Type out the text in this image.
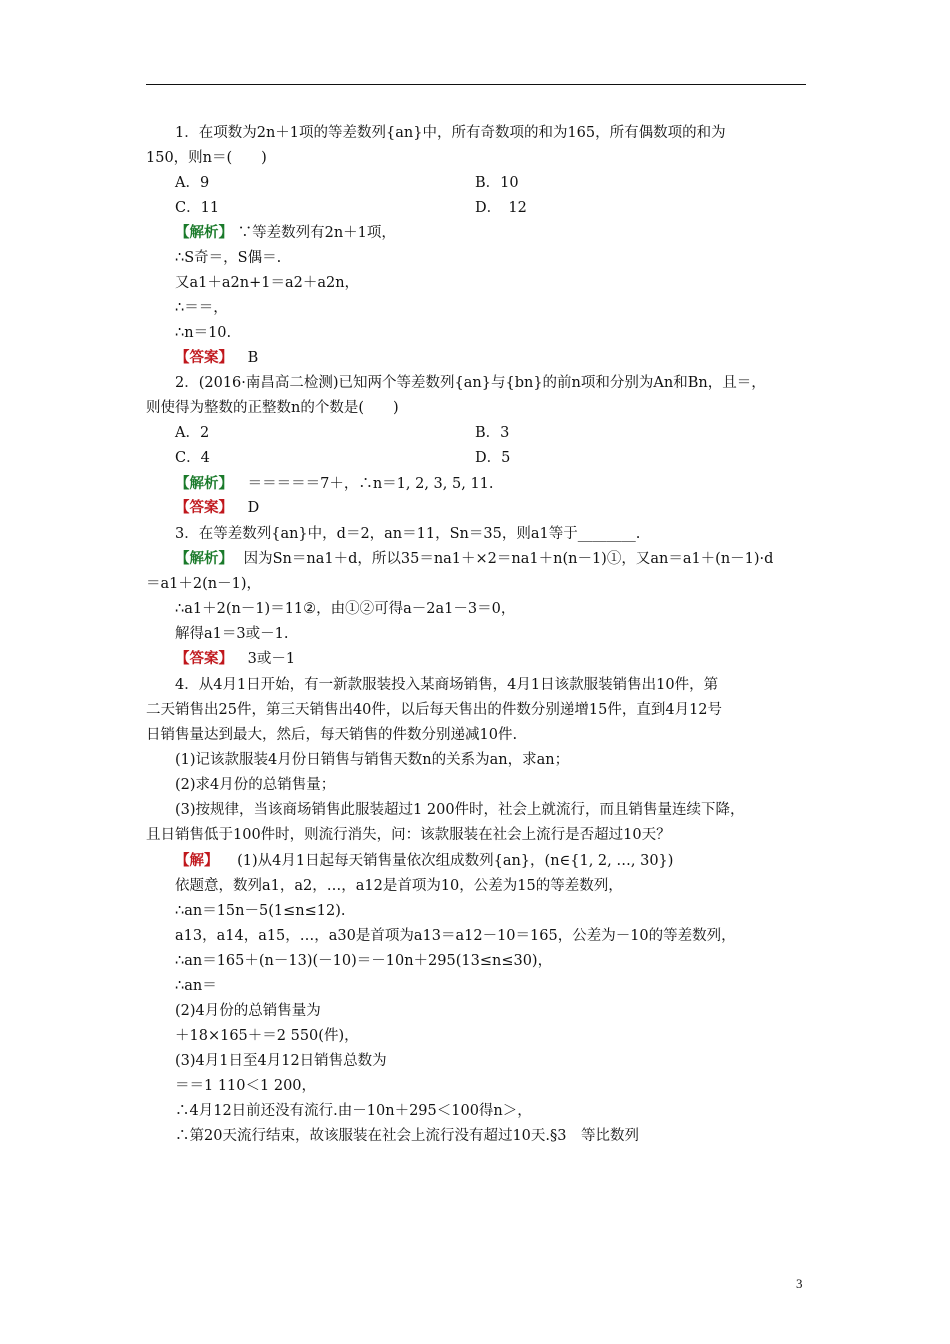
1．在项数为2n＋1项的等差数列{an}中，所有奇数项的和为165，所有偶数项的和为
150，则n＝(　　)
A．9	B．10
C．11	D．　12
【解析】 ∵等差数列有2n＋1项，
∴S奇＝，S偶＝.
又a1＋a2n+1＝a2＋a2n，
∴＝＝，
∴n＝10.
【答案】 B
2．(2016·南昌高二检测)已知两个等差数列{an}与{bn}的前n项和分别为An和Bn，且＝，
则使得为整数的正整数n的个数是(　　)
A．2	B．3
C．4	D．5
【解析】 ＝＝＝＝＝7＋，∴n＝1, 2, 3, 5, 11.
【答案】 D
3．在等差数列{an}中，d＝2，an＝11，Sn＝35，则a1等于________.
【解析】 因为Sn＝na1＋d，所以35＝na1＋×2＝na1＋n(n－1)①，又an＝a1＋(n－1)·d
＝a1＋2(n－1)，
∴a1＋2(n－1)＝11②，由①②可得a－2a1－3＝0，
解得a1＝3或－1.
【答案】 3或－1
4．从4月1日开始，有一新款服装投入某商场销售，4月1日该款服装销售出10件，第
二天销售出25件，第三天销售出40件，以后每天售出的件数分别递增15件，直到4月12号
日销售量达到最大，然后，每天销售的件数分别递减10件.
(1)记该款服装4月份日销售与销售天数n的关系为an，求an；
(2)求4月份的总销售量；
(3)按规律，当该商场销售此服装超过1 200件时，社会上就流行，而且销售量连续下降，
且日销售低于100件时，则流行消失，问：该款服装在社会上流行是否超过10天？
【解】 (1)从4月1日起每天销售量依次组成数列{an}，(n∈{1, 2, …, 30})
依题意，数列a1，a2，…，a12是首项为10，公差为15的等差数列，
∴an＝15n－5(1≤n≤12).
a13，a14，a15，…，a30是首项为a13＝a12－10＝165，公差为－10的等差数列，
∴an＝165＋(n－13)(－10)＝－10n＋295(13≤n≤30)，
∴an＝
(2)4月份的总销售量为
＋18×165＋＝2 550(件)，
(3)4月1日至4月12日销售总数为
＝＝1 110＜1 200，
∴4月12日前还没有流行.由－10n＋295＜100得n＞，
∴第20天流行结束，故该服装在社会上流行没有超过10天.§3　等比数列
3
